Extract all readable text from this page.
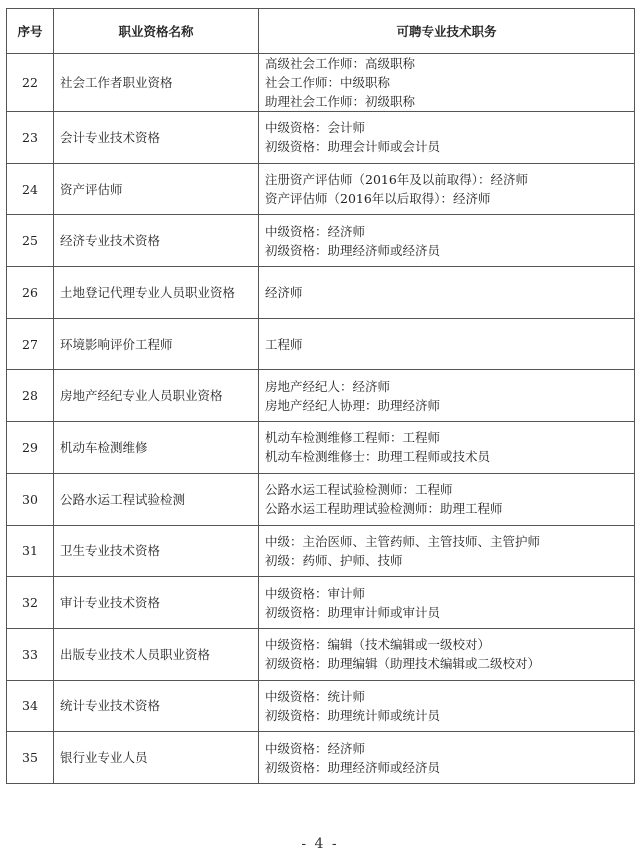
序号	职业资格名称	可聘专业技术职务
22	社会工作者职业资格	高级社会工作师：高级职称
社会工作师：中级职称
助理社会工作师：初级职称

23	会计专业技术资格	中级资格：会计师
初级资格：助理会计师或会计员

24	资产评估师	注册资产评估师（2016年及以前取得）：经济师
资产评估师（2016年以后取得）：经济师

25	经济专业技术资格	中级资格：经济师
初级资格：助理经济师或经济员

26	土地登记代理专业人员职业资格	经济师

27	环境影响评价工程师	工程师

28	房地产经纪专业人员职业资格	房地产经纪人：经济师
房地产经纪人协理：助理经济师

29	机动车检测维修	机动车检测维修工程师：工程师
机动车检测维修士：助理工程师或技术员

30	公路水运工程试验检测	公路水运工程试验检测师：工程师
公路水运工程助理试验检测师：助理工程师

31	卫生专业技术资格	中级：主治医师、主管药师、主管技师、主管护师
初级：药师、护师、技师

32	审计专业技术资格	中级资格：审计师
初级资格：助理审计师或审计员

33	出版专业技术人员职业资格	中级资格：编辑（技术编辑或一级校对）
初级资格：助理编辑（助理技术编辑或二级校对）

34	统计专业技术资格	中级资格：统计师
初级资格：助理统计师或统计员

35	银行业专业人员	中级资格：经济师
初级资格：助理经济师或经济员
- 4 -
